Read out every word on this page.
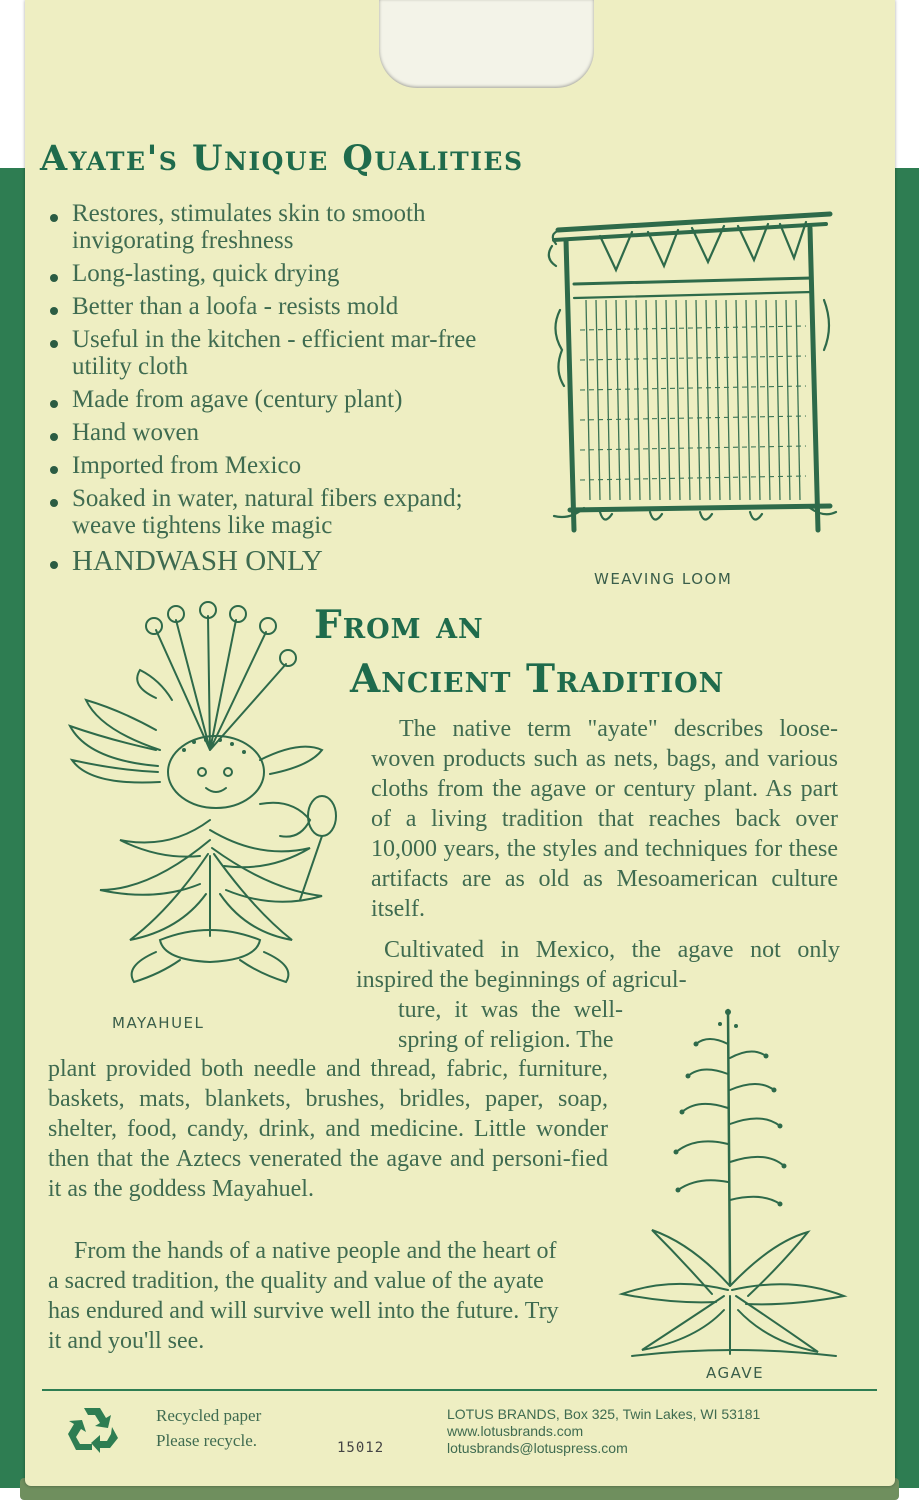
Ayate's Unique Qualities
Restores, stimulates skin to smooth invigorating freshness
Long-lasting, quick drying
Better than a loofa - resists mold
Useful in the kitchen - efficient mar-free utility cloth
Made from agave (century plant)
Hand woven
Imported from Mexico
Soaked in water, natural fibers expand; weave tightens like magic
HANDWASH ONLY
WEAVING LOOM
From an
Ancient Tradition
MAYAHUEL

The native term "ayate" describes loose-woven products such as nets, bags, and various cloths from the agave or century plant. As part of a living tradition that reaches back over 10,000 years, the styles and techniques for these artifacts are as old as Mesoamerican culture itself.

Cultivated in Mexico, the agave not only inspired the beginnings of agricul-

ture, it was the well-spring of religion. The

plant provided both needle and thread, fabric, furniture, baskets, mats, blankets, brushes, bridles, paper, soap, shelter, food, candy, drink, and medicine. Little wonder then that the Aztecs venerated the agave and personi-fied it as the goddess Mayahuel.

From the hands of a native people and the heart of a sacred tradition, the quality and value of the ayate has endured and will survive well into the future. Try it and you'll see.

AGAVE
Recycled paper
Please recycle.	15012
LOTUS BRANDS, Box 325, Twin Lakes, WI 53181
www.lotusbrands.com
lotusbrands@lotuspress.com
